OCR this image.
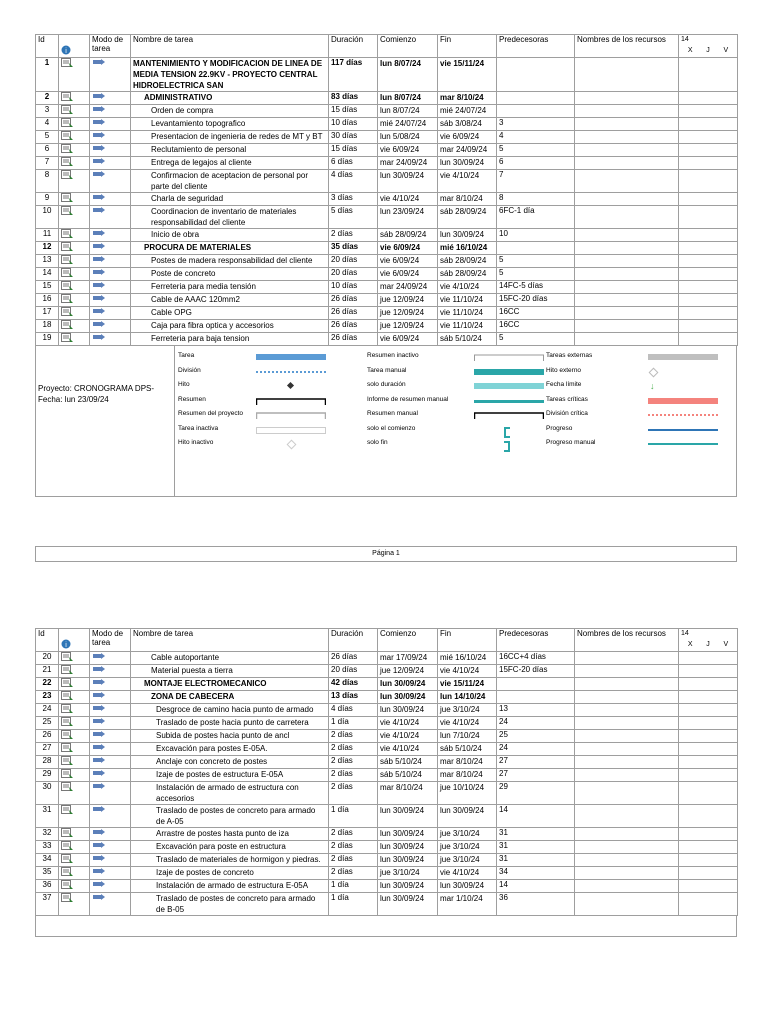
Id	i	Modo de tarea	Nombre de tarea	Duración	Comienzo	Fin	Predecesoras	Nombres de los recursos	14
X J V

1			MANTENIMIENTO Y MODIFICACION DE LINEA DE MEDIA TENSION 22.9KV - PROYECTO CENTRAL HIDROELECTRICA SAN	117 días	lun 8/07/24	vie 15/11/24			
2			ADMINISTRATIVO	83 días	lun 8/07/24	mar 8/10/24			
3			Orden de compra	15 días	lun 8/07/24	mié 24/07/24			
4			Levantamiento topografico	10 días	mié 24/07/24	sáb 3/08/24	3		
5			Presentacion de ingenieria de redes de MT y BT	30 días	lun 5/08/24	vie 6/09/24	4		
6			Reclutamiento de personal	15 días	vie 6/09/24	mar 24/09/24	5		
7			Entrega de legajos al cliente	6 días	mar 24/09/24	lun 30/09/24	6		
8			Confirmacion de aceptacion de personal por parte del cliente	4 días	lun 30/09/24	vie 4/10/24	7		
9			Charla de seguridad	3 días	vie 4/10/24	mar 8/10/24	8		
10			Coordinacion de inventario de materiales responsabilidad del cliente	5 días	lun 23/09/24	sáb 28/09/24	6FC-1 día		
11			Inicio de obra	2 días	sáb 28/09/24	lun 30/09/24	10		
12			PROCURA DE MATERIALES	35 días	vie 6/09/24	mié 16/10/24			
13			Postes de madera responsabilidad del cliente	20 días	vie 6/09/24	sáb 28/09/24	5		
14			Poste de concreto	20 días	vie 6/09/24	sáb 28/09/24	5		
15			Ferreteria para media tensión	10 días	mar 24/09/24	vie 4/10/24	14FC-5 días		
16			Cable de AAAC 120mm2	26 días	jue 12/09/24	vie 11/10/24	15FC-20 días		
17			Cable OPG	26 días	jue 12/09/24	vie 11/10/24	16CC		
18			Caja para fibra optica y accesorios	26 días	jue 12/09/24	vie 11/10/24	16CC		
19			Ferreteria para baja tension	26 días	vie 6/09/24	sáb 5/10/24	5		
Proyecto: CRONOGRAMA DPS-
Fecha: lun 23/09/24
Tarea
División
Hito
Resumen
Resumen del proyecto
Tarea inactiva
Hito inactivo
Resumen inactivo
Tarea manual
solo duración
Informe de resumen manual
Resumen manual
solo el comienzo
solo fin
Tareas externas
Hito externo
Fecha límite	↓
Tareas críticas
División crítica
Progreso
Progreso manual
Página 1
Id	i	Modo de tarea	Nombre de tarea	Duración	Comienzo	Fin	Predecesoras	Nombres de los recursos	14
X J V

20			Cable autoportante	26 días	mar 17/09/24	mié 16/10/24	16CC+4 días		
21			Material puesta a tierra	20 días	jue 12/09/24	vie 4/10/24	15FC-20 días		
22			MONTAJE ELECTROMECANICO	42 días	lun 30/09/24	vie 15/11/24			
23			ZONA DE CABECERA	13 días	lun 30/09/24	lun 14/10/24			
24			Desgroce de camino hacia punto de armado	4 días	lun 30/09/24	jue 3/10/24	13		
25			Traslado de poste hacia punto de carretera	1 día	vie 4/10/24	vie 4/10/24	24		
26			Subida de postes hacia punto de ancl	2 días	vie 4/10/24	lun 7/10/24	25		
27			Excavación para postes E-05A.	2 días	vie 4/10/24	sáb 5/10/24	24		
28			Anclaje con concreto de postes	2 días	sáb 5/10/24	mar 8/10/24	27		
29			Izaje de postes de estructura E-05A	2 días	sáb 5/10/24	mar 8/10/24	27		
30			Instalación de armado de estructura con accesorios	2 días	mar 8/10/24	jue 10/10/24	29		
31			Traslado de postes de concreto para armado de A-05	1 día	lun 30/09/24	lun 30/09/24	14		
32			Arrastre de postes hasta punto de iza	2 días	lun 30/09/24	jue 3/10/24	31		
33			Excavación para poste en estructura	2 días	lun 30/09/24	jue 3/10/24	31		
34			Traslado de materiales de hormigon y piedras.	2 días	lun 30/09/24	jue 3/10/24	31		
35			Izaje de postes de concreto	2 días	jue 3/10/24	vie 4/10/24	34		
36			Instalación de armado de estructura E-05A	1 día	lun 30/09/24	lun 30/09/24	14		
37			Traslado de postes de concreto para armado de B-05	1 día	lun 30/09/24	mar 1/10/24	36		
